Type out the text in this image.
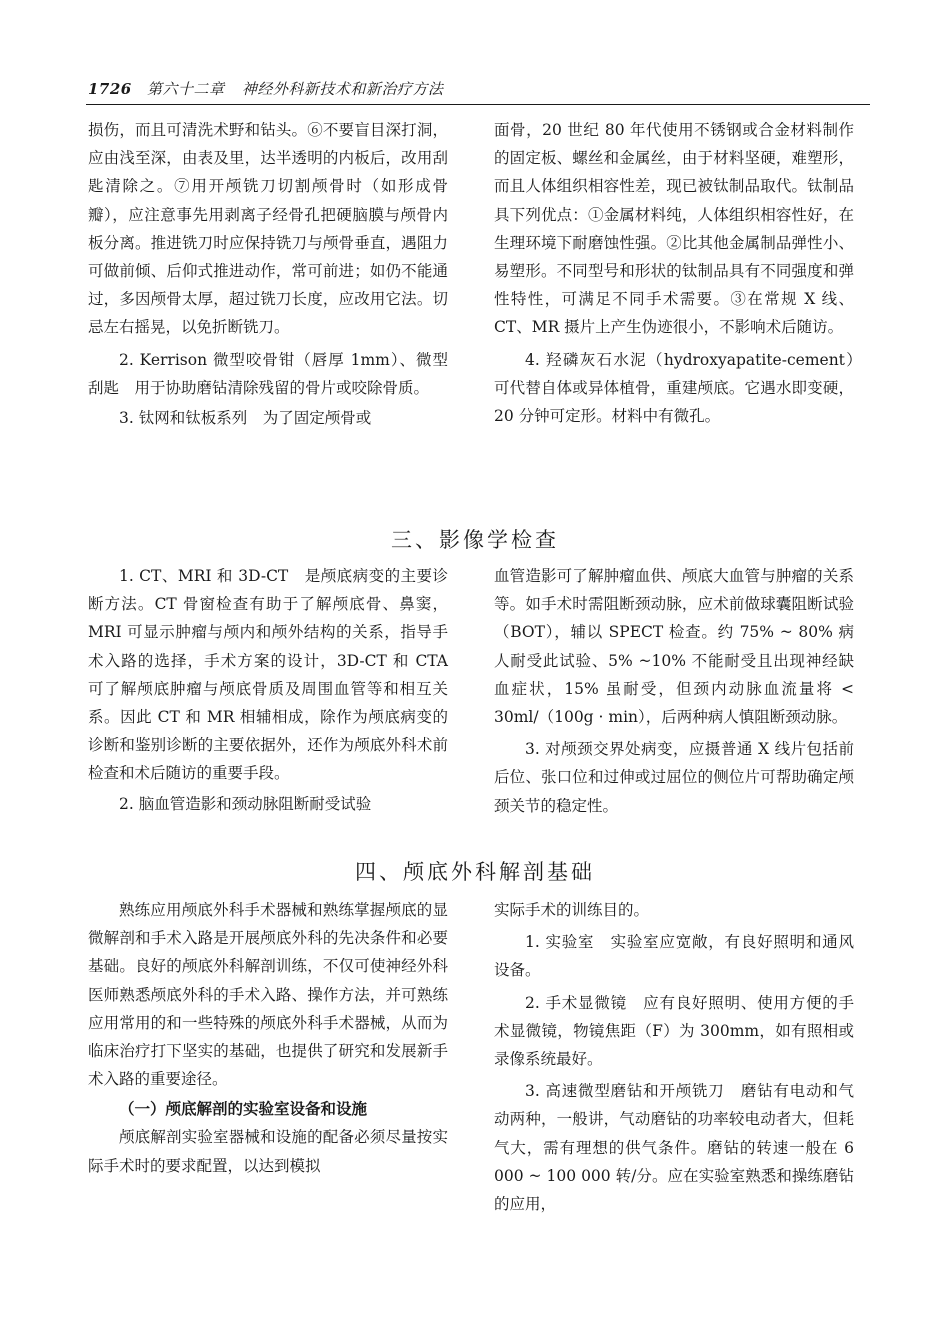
1726 第六十二章 神经外科新技术和新治疗方法

损伤，而且可清洗术野和钻头。⑥不要盲目深打洞，应由浅至深，由表及里，达半透明的内板后，改用刮匙清除之。⑦用开颅铣刀切割颅骨时（如形成骨瓣），应注意事先用剥离子经骨孔把硬脑膜与颅骨内板分离。推进铣刀时应保持铣刀与颅骨垂直，遇阻力可做前倾、后仰式推进动作，常可前进；如仍不能通过，多因颅骨太厚，超过铣刀长度，应改用它法。切忌左右摇晃，以免折断铣刀。

2. Kerrison 微型咬骨钳（唇厚 1mm）、微型刮匙　用于协助磨钻清除残留的骨片或咬除骨质。

3. 钛网和钛板系列　为了固定颅骨或

面骨，20 世纪 80 年代使用不锈钢或合金材料制作的固定板、螺丝和金属丝，由于材料坚硬，难塑形，而且人体组织相容性差，现已被钛制品取代。钛制品具下列优点：①金属材料纯，人体组织相容性好，在生理环境下耐磨蚀性强。②比其他金属制品弹性小、易塑形。不同型号和形状的钛制品具有不同强度和弹性特性，可满足不同手术需要。③在常规 X 线、CT、MR 摄片上产生伪迹很小，不影响术后随访。

4. 羟磷灰石水泥（hydroxyapatite-cement）　可代替自体或异体植骨，重建颅底。它遇水即变硬，20 分钟可定形。材料中有微孔。

三、影像学检查

1. CT、MRI 和 3D-CT　是颅底病变的主要诊断方法。CT 骨窗检查有助于了解颅底骨、鼻窦，MRI 可显示肿瘤与颅内和颅外结构的关系，指导手术入路的选择，手术方案的设计，3D-CT 和 CTA 可了解颅底肿瘤与颅底骨质及周围血管等和相互关系。因此 CT 和 MR 相辅相成，除作为颅底病变的诊断和鉴别诊断的主要依据外，还作为颅底外科术前检查和术后随访的重要手段。

2. 脑血管造影和颈动脉阻断耐受试验

血管造影可了解肿瘤血供、颅底大血管与肿瘤的关系等。如手术时需阻断颈动脉，应术前做球囊阻断试验（BOT），辅以 SPECT 检查。约 75% ~ 80% 病人耐受此试验、5% ~10% 不能耐受且出现神经缺血症状，15% 虽耐受，但颈内动脉血流量将 < 30ml/（100g · min），后两种病人慎阻断颈动脉。

3. 对颅颈交界处病变，应摄普通 X 线片包括前后位、张口位和过伸或过屈位的侧位片可帮助确定颅颈关节的稳定性。

四、颅底外科解剖基础

熟练应用颅底外科手术器械和熟练掌握颅底的显微解剖和手术入路是开展颅底外科的先决条件和必要基础。良好的颅底外科解剖训练，不仅可使神经外科医师熟悉颅底外科的手术入路、操作方法，并可熟练应用常用的和一些特殊的颅底外科手术器械，从而为临床治疗打下坚实的基础，也提供了研究和发展新手术入路的重要途径。

（一）颅底解剖的实验室设备和设施

颅底解剖实验室器械和设施的配备必须尽量按实际手术时的要求配置，以达到模拟

实际手术的训练目的。

1. 实验室　实验室应宽敞，有良好照明和通风设备。

2. 手术显微镜　应有良好照明、使用方便的手术显微镜，物镜焦距（F）为 300mm，如有照相或录像系统最好。

3. 高速微型磨钻和开颅铣刀　磨钻有电动和气动两种，一般讲，气动磨钻的功率较电动者大，但耗气大，需有理想的供气条件。磨钻的转速一般在 6 000 ~ 100 000 转/分。应在实验室熟悉和操练磨钻的应用，
